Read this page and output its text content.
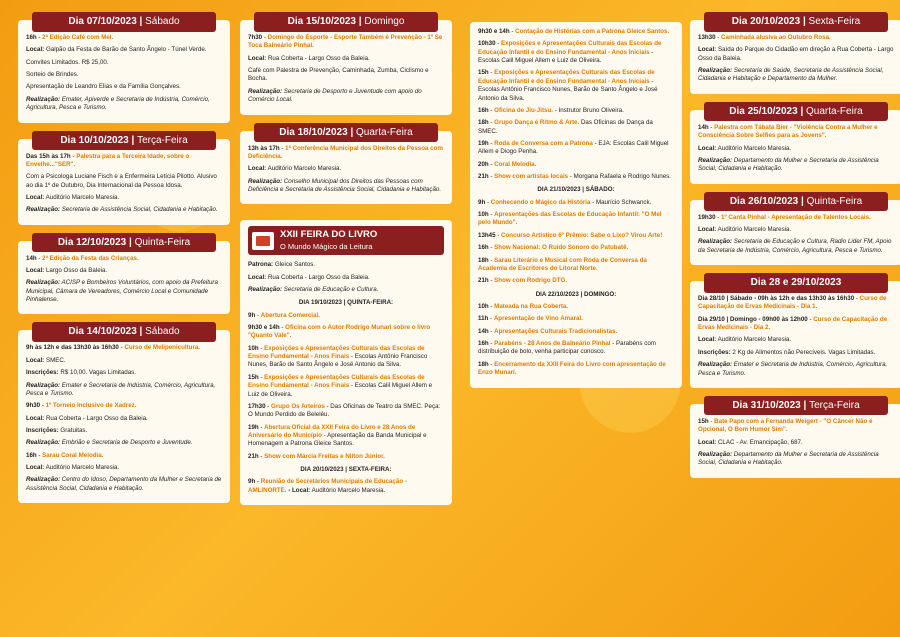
Dia 07/10/2023 | Sábado
16h - 2ª Edição Café com Mel.
Local: Galpão da Festa de Barão de Santo Ângelo - Túnel Verde.
Convites Limitados. R$ 25,00.
Sorteio de Brindes.
Apresentação de Leandro Elias e da Família Gonçalves.
Realização: Emater, Apiverde e Secretaria de Indústria, Comércio, Agricultura, Pesca e Turismo.
Dia 10/10/2023 | Terça-Feira
Das 15h às 17h - Palestra para a Terceira Idade, sobre o Envelhe..."SER".
Com a Psicologa Luciane Fisch e a Enfermeira Letícia Pilotto. Alusivo ao dia 1º de Outubro, Dia Internacional da Pessoa Idosa.
Local: Auditório Marcelo Maresia.
Realização: Secretaria de Assistência Social, Cidadania e Habitação.
Dia 12/10/2023 | Quinta-Feira
14h - 2ª Edição da Festa das Crianças.
Local: Largo Osso da Baleia.
Realização: ACISP e Bombeiros Voluntários, com apoio da Prefeitura Municipal, Câmara de Vereadores, Comércio Local e Comunidade Pinhalense.
Dia 14/10/2023 | Sábado
9h às 12h e das 13h30 às 16h30 - Curso de Melipenicultura.
Local: SMEC.
Inscrições: R$ 10,00. Vagas Limitadas.
Realização: Emater e Secretaria de Indústria, Comércio, Agricultura, Pesca e Turismo.
9h30 - 1º Torneio Inclusivo de Xadrez.
Local: Rua Coberta - Largo Osso da Baleia.
Inscrições: Gratuitas.
Realização: Embrião e Secretaria de Desporto e Juventude.
16h - Sarau Coral Melodia.
Local: Auditório Marcelo Maresia.
Realização: Centro do Idoso, Departamento da Mulher e Secretaria de Assistência Social, Cidadania e Habitação.
Dia 15/10/2023 | Domingo
7h30 - Domingo do Esporte - Esporte Também é Prevenção - 1º Se Toca Balneário Pinhal.
Local: Rua Coberta - Largo Osso da Baleia.
Café com Palestra de Prevenção, Caminhada, Zumba, Ciclismo e Bocha.
Realização: Secretaria de Desporto e Juventude com apoio do Comércio Local.
Dia 18/10/2023 | Quarta-Feira
13h às 17h - 1ª Conferência Municipal dos Direitos da Pessoa com Deficiência.
Local: Auditório Marcelo Maresia.
Realização: Conselho Municipal dos Direitos das Pessoas com Deficiência e Secretaria de Assistência Social, Cidadania e Habitação.
XXII FEIRA DO LIVRO
O Mundo Mágico da Leitura
Patrona: Gleice Santos.
Local: Rua Coberta - Largo Osso da Baleia.
Realização: Secretaria de Educação e Cultura.
DIA 19/10/2023 | QUINTA-FEIRA:
9h - Abertura Comercial.
9h30 e 14h - Oficina com o Autor Rodrigo Munari sobre o livro "Quanto Vale".
10h - Exposições e Apresentações Culturais das Escolas de Ensino Fundamental - Anos Finais - Escolas Antônio Francisco Nunes, Barão de Santo Ângelo e José Antonio da Silva.
15h - Exposições e Apresentações Culturais das Escolas de Ensino Fundamental - Anos Finais - Escolas Calil Miguel Allem e Luiz de Oliveira.
17h30 - Grupo Os Arteiros - Das Oficinas de Teatro da SMEC. Peça: O Mundo Perdido de Beleléu.
19h - Abertura Oficial da XXII Feira do Livro e 28 Anos de Aniversário do Município - Apresentação da Banda Municipal e Homenagem a Patrona Gleice Santos.
21h - Show com Márcia Freitas e Nilton Júnior.
DIA 20/10/2023 | SEXTA-FEIRA:
9h - Reunião de Secretários Municipais de Educação - AMLINORTE. - Local: Auditório Marcelo Maresia.
9h30 e 14h - Contação de Histórias com a Patrona Gleice Santos.
10h30 - Exposições e Apresentações Culturais das Escolas de Educação Infantil e do Ensino Fundamental - Anos Iniciais - Escolas Calil Miguel Allem e Luiz de Oliveira.
15h - Exposições e Apresentações Culturais das Escolas de Educação Infantil e do Ensino Fundamental - Anos Iniciais - Escolas Antônio Francisco Nunes, Barão de Santo Ângelo e José Antonio da Silva.
16h - Oficina de Jiu-Jitsu. - Instrutor Bruno Oliveira.
18h - Grupo Dança é Ritmo & Arte. Das Oficinas de Dança da SMEC.
19h - Roda de Conversa com a Patrona - EJA: Escolas Calil Miguel Allem e Diogo Penha.
20h - Coral Melodia.
21h - Show com artistas locais - Morgana Rafaela e Rodrigo Nunes.
DIA 21/10/2023 | SÁBADO:
9h - Conhecendo o Mágico da História - Maurício Schwanck.
10h - Apresentações das Escolas de Educação Infantil: "O Mel pelo Mundo".
13h45 - Concurso Artístico 6º Prêmio: Sabe o Lixo? Virou Arte!
16h - Show Nacional: O Ruído Sonoro do Patubatê.
18h - Sarau Literário e Musical com Roda de Conversa da Academia de Escritores do Litoral Norte.
21h - Show com Rodrigo DTG.
DIA 22/10/2023 | DOMINGO:
10h - Mateada na Rua Coberta.
11h - Apresentação de Vino Amaral.
14h - Apresentações Culturais Tradicionalistas.
16h - Parabéns - 28 Anos de Balneário Pinhal - Parabéns com distribuição de bolo, venha participar conosco.
18h - Encerramento da XXII Feira do Livro com apresentação de Enzo Munari.
Dia 20/10/2023 | Sexta-Feira
13h30 - Caminhada alusiva ao Outubro Rosa.
Local: Saída do Parque do Cidadão em direção a Rua Coberta - Largo Osso da Baleia.
Realização: Secretaria de Saúde, Secretaria de Assistência Social, Cidadania e Habitação e Departamento da Mulher.
Dia 25/10/2023 | Quarta-Feira
14h - Palestra com Tábata Bier - "Violência Contra a Mulher e Consciência Sobre Selfies para as Jovens".
Local: Auditório Marcelo Maresia.
Realização: Departamento da Mulher e Secretaria de Assistência Social, Cidadania e Habitação.
Dia 26/10/2023 | Quinta-Feira
19h30 - 1º Canta Pinhal - Apresentação de Talentos Locais.
Local: Auditório Marcelo Maresia.
Realização: Secretaria de Educação e Cultura, Radio Lider FM, Apoio da Secretaria de Indústria, Comércio, Agricultura, Pesca e Turismo.
Dia 28 e 29/10/2023
Dia 28/10 | Sábado - 09h às 12h e das 13h30 às 16h30 - Curso de Capacitação de Ervas Medicinais - Dia 1.
Dia 29/10 | Domingo - 09h00 às 12h00 - Curso de Capacitação de Ervas Medicinais - Dia 2.
Local: Auditório Marcelo Maresia.
Inscrições: 2 Kg de Alimentos não Perecíveis. Vagas Limitadas.
Realização: Emater e Secretaria de Indústria, Comércio, Agricultura, Pesca e Turismo.
Dia 31/10/2023 | Terça-Feira
15h - Bate Papo com a Fernanda Weigert - "O Câncer Não é Opcional, O Bom Humor Sim".
Local: CLAC - Av. Emancipação, 687.
Realização: Departamento da Mulher e Secretaria de Assistência Social, Cidadania e Habitação.
